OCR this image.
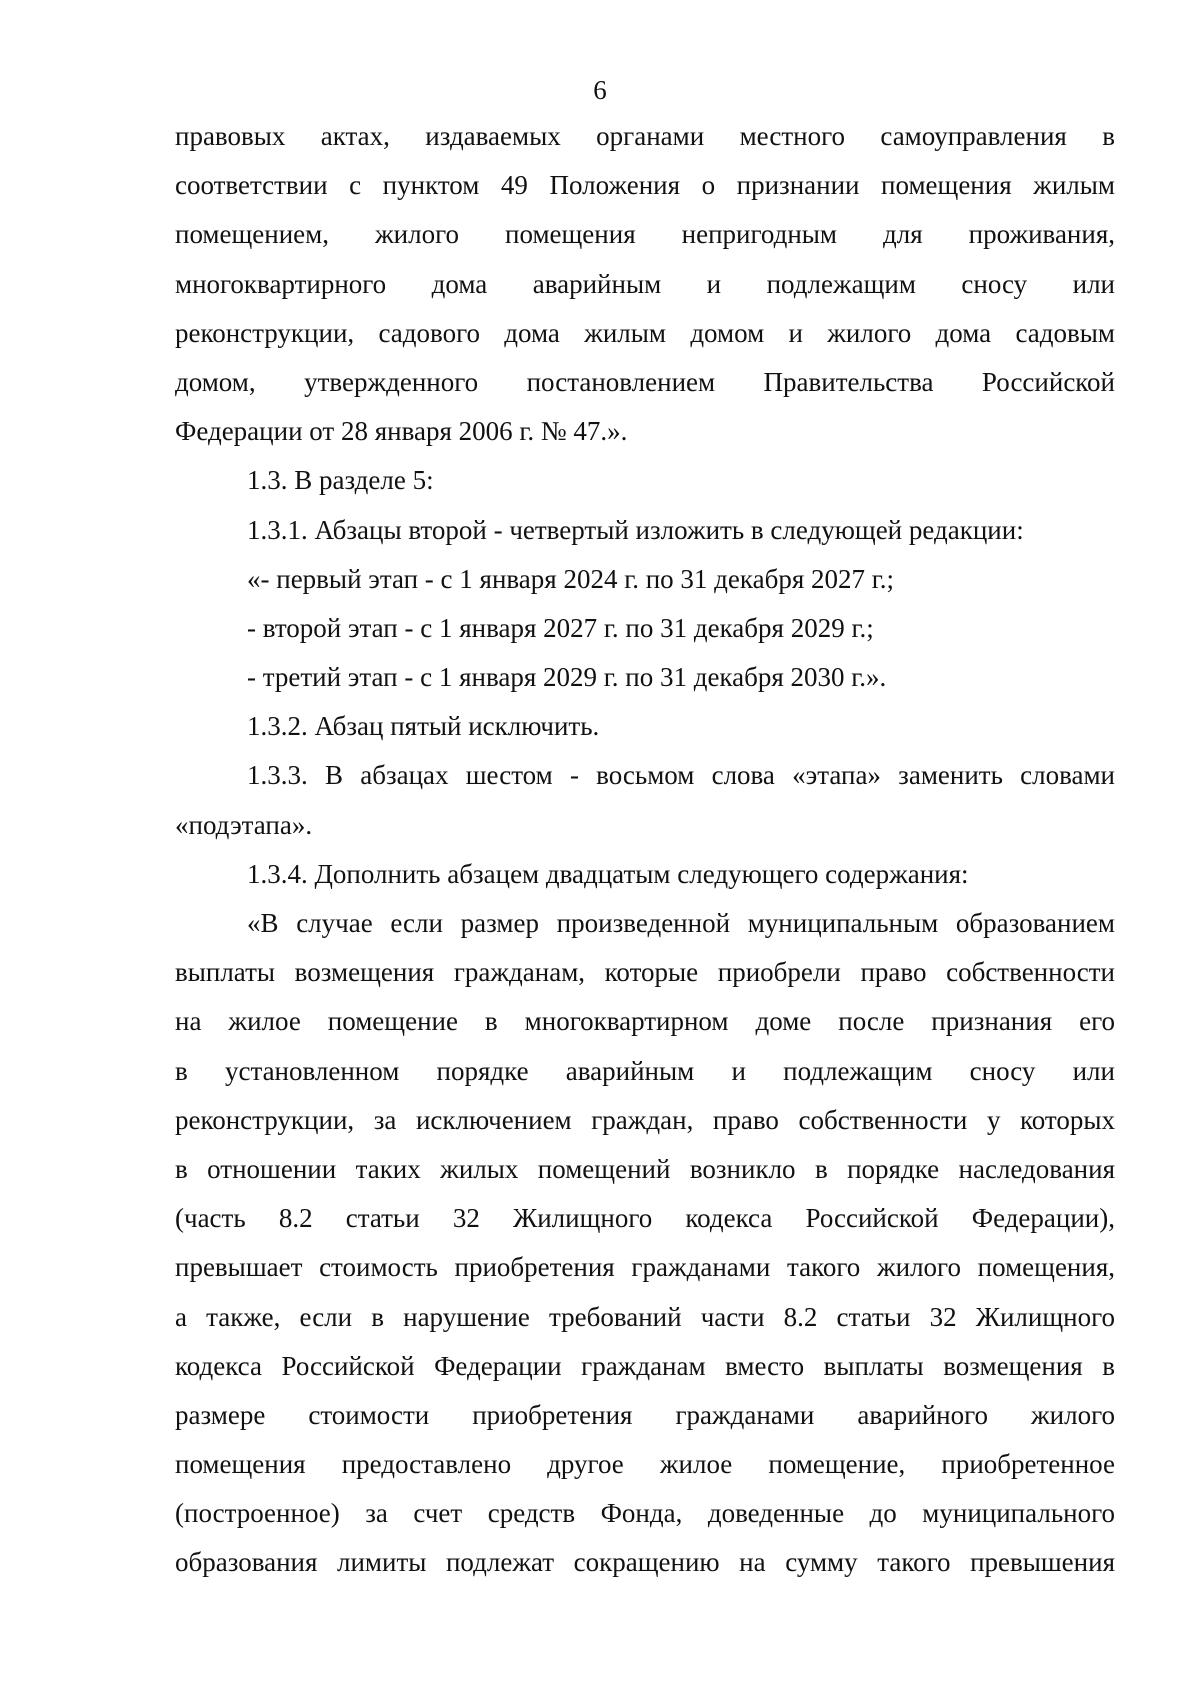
6
правовых актах, издаваемых органами местного самоуправления в
соответствии с пунктом 49 Положения о признании помещения жилым
помещением, жилого помещения непригодным для проживания,
многоквартирного дома аварийным и подлежащим сносу или
реконструкции, садового дома жилым домом и жилого дома садовым
домом, утвержденного постановлением Правительства Российской
Федерации от 28 января 2006 г. № 47.».
1.3. В разделе 5:
1.3.1. Абзацы второй - четвертый изложить в следующей редакции:
«- первый этап - с 1 января 2024 г. по 31 декабря 2027 г.;
- второй этап - с 1 января 2027 г. по 31 декабря 2029 г.;
- третий этап - с 1 января 2029 г. по 31 декабря 2030 г.».
1.3.2. Абзац пятый исключить.
1.3.3. В абзацах шестом - восьмом слова «этапа» заменить словами
«подэтапа».
1.3.4. Дополнить абзацем двадцатым следующего содержания:
«В случае если размер произведенной муниципальным образованием
выплаты возмещения гражданам, которые приобрели право собственности
на жилое помещение в многоквартирном доме после признания его
в установленном порядке аварийным и подлежащим сносу или
реконструкции, за исключением граждан, право собственности у которых
в отношении таких жилых помещений возникло в порядке наследования
(часть 8.2 статьи 32 Жилищного кодекса Российской Федерации),
превышает стоимость приобретения гражданами такого жилого помещения,
а также, если в нарушение требований части 8.2 статьи 32 Жилищного
кодекса Российской Федерации гражданам вместо выплаты возмещения в
размере стоимости приобретения гражданами аварийного жилого
помещения предоставлено другое жилое помещение, приобретенное
(построенное) за счет средств Фонда, доведенные до муниципального
образования лимиты подлежат сокращению на сумму такого превышения
